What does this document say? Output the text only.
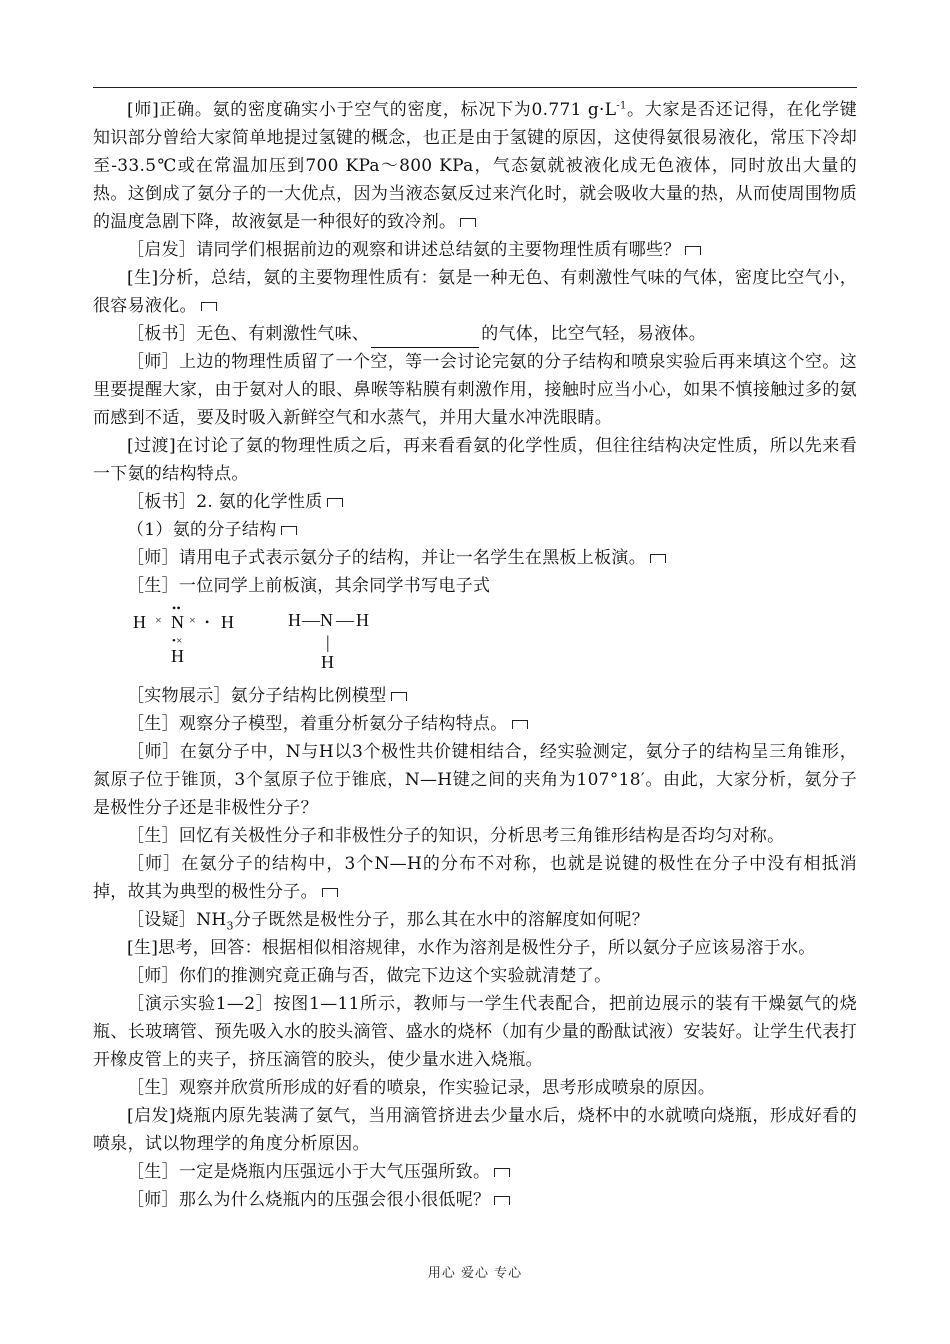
[师]正确。氨的密度确实小于空气的密度，标况下为0.771 $g\cdot L^{-1}$。大家是否还记得，在化学键知识部分曾给大家简单地提过氢键的概念，也正是由于氢键的原因，这使得氨很易液化，常压下冷却至-33.5℃或在常温加压到700 KPa～800 KPa，气态氨就被液化成无色液体，同时放出大量的热。这倒成了氨分子的一大优点，因为当液态氨反过来汽化时，就会吸收大量的热，从而使周围物质的温度急剧下降，故液氨是一种很好的致冷剂。

［启发］请同学们根据前边的观察和讲述总结氨的主要物理性质有哪些？

[生]分析，总结，氨的主要物理性质有：氨是一种无色、有刺激性气味的气体，密度比空气小，很容易液化。

［板书］无色、有刺激性气味、	的气体，比空气轻，易液体。

［师］上边的物理性质留了一个空，等一会讨论完氨的分子结构和喷泉实验后再来填这个空。这里要提醒大家，由于氨对人的眼、鼻喉等粘膜有刺激作用，接触时应当小心，如果不慎接触过多的氨而感到不适，要及时吸入新鲜空气和水蒸气，并用大量水冲洗眼睛。

[过渡]在讨论了氨的物理性质之后，再来看看氨的化学性质，但往往结构决定性质，所以先来看一下氨的结构特点。

［板书］2. 氨的化学性质

（1）氨的分子结构

［师］请用电子式表示氨分子的结构，并让一名学生在黑板上板演。

［生］一位同学上前板演，其余同学书写电子式

H
••
× N × • H
•×
H
H — N — H
|
H

［实物展示］氨分子结构比例模型

［生］观察分子模型，着重分析氨分子结构特点。

［师］在氨分子中，N与H以3个极性共价键相结合，经实验测定，氨分子的结构呈三角锥形，氮原子位于锥顶，3个氢原子位于锥底，N—H键之间的夹角为107°18′。由此，大家分析，氨分子是极性分子还是非极性分子？

［生］回忆有关极性分子和非极性分子的知识，分析思考三角锥形结构是否均匀对称。

［师］在氨分子的结构中，3个N—H的分布不对称，也就是说键的极性在分子中没有相抵消掉，故其为典型的极性分子。

［设疑$]NH_3$分子既然是极性分子，那么其在水中的溶解度如何呢？

[生]思考，回答：根据相似相溶规律，水作为溶剂是极性分子，所以氨分子应该易溶于水。

［师］你们的推测究竟正确与否，做完下边这个实验就清楚了。

［演示实验1—2］按图1—11所示，教师与一学生代表配合，把前边展示的装有干燥氨气的烧瓶、长玻璃管、预先吸入水的胶头滴管、盛水的烧杯（加有少量的酚酞试液）安装好。让学生代表打开橡皮管上的夹子，挤压滴管的胶头，使少量水进入烧瓶。

［生］观察并欣赏所形成的好看的喷泉，作实验记录，思考形成喷泉的原因。

[启发]烧瓶内原先装满了氨气，当用滴管挤进去少量水后，烧杯中的水就喷向烧瓶，形成好看的喷泉，试以物理学的角度分析原因。

［生］一定是烧瓶内压强远小于大气压强所致。

［师］那么为什么烧瓶内的压强会很小很低呢？

用心 爱心 专心
